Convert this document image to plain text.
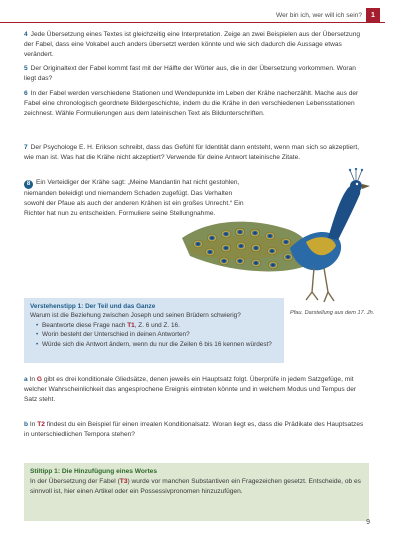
Wer bin ich, wer will ich sein?	1
4 Jede Übersetzung eines Textes ist gleichzeitig eine Interpretation. Zeige an zwei Beispielen aus der Übersetzung der Fabel, dass eine Vokabel auch anders übersetzt werden könnte und wie sich dadurch die Aussage etwas verändert.
5 Der Originaltext der Fabel kommt fast mit der Hälfte der Wörter aus, die in der Übersetzung vorkommen. Woran liegt das?
6 In der Fabel werden verschiedene Stationen und Wendepunkte im Leben der Krähe nacherzählt. Mache aus der Fabel eine chronologisch geordnete Bildergeschichte, indem du die Krähe in den verschiedenen Lebensstationen zeichnest. Wähle Formulierungen aus dem lateinischen Text als Bildunterschriften.
7 Der Psychologe E. H. Erikson schreibt, dass das Gefühl für Identität dann entsteht, wenn man sich so akzeptiert, wie man ist. Was hat die Krähe nicht akzeptiert? Verwende für deine Antwort lateinische Zitate.
8 Ein Verteidiger der Krähe sagt: „Meine Mandantin hat nicht gestohlen, niemanden beleidigt und niemandem Schaden zugefügt. Das Verhalten sowohl der Pfaue als auch der anderen Krähen ist ein großes Unrecht.“ Ein Richter hat nun zu entscheiden. Formuliere seine Stellungnahme.
Pfau. Darstellung aus dem 17. Jh.
Verstehenstipp 1: Der Teil und das Ganze
Warum ist die Beziehung zwischen Joseph und seinen Brüdern schwierig?
• Beantworte diese Frage nach T1, Z. 6 und Z. 16.
• Worin besteht der Unterschied in deinen Antworten?
• Würde sich die Antwort ändern, wenn du nur die Zeilen 6 bis 16 kennen würdest?
a In G gibt es drei konditionale Gliedsätze, denen jeweils ein Hauptsatz folgt. Überprüfe in jedem Satzgefüge, mit welcher Wahrscheinlichkeit das angesprochene Ereignis eintreten könnte und in welchem Modus und Tempus der Satz steht.
b In T2 findest du ein Beispiel für einen irrealen Konditionalsatz. Woran liegt es, dass die Prädikate des Hauptsatzes in unterschiedlichen Tempora stehen?
Stiltipp 1: Die Hinzufügung eines Wortes
In der Übersetzung der Fabel (T3) wurde vor manchen Substantiven ein Fragezeichen gesetzt. Entscheide, ob es sinnvoll ist, hier einen Artikel oder ein Possessivpronomen hinzuzufügen.
9
